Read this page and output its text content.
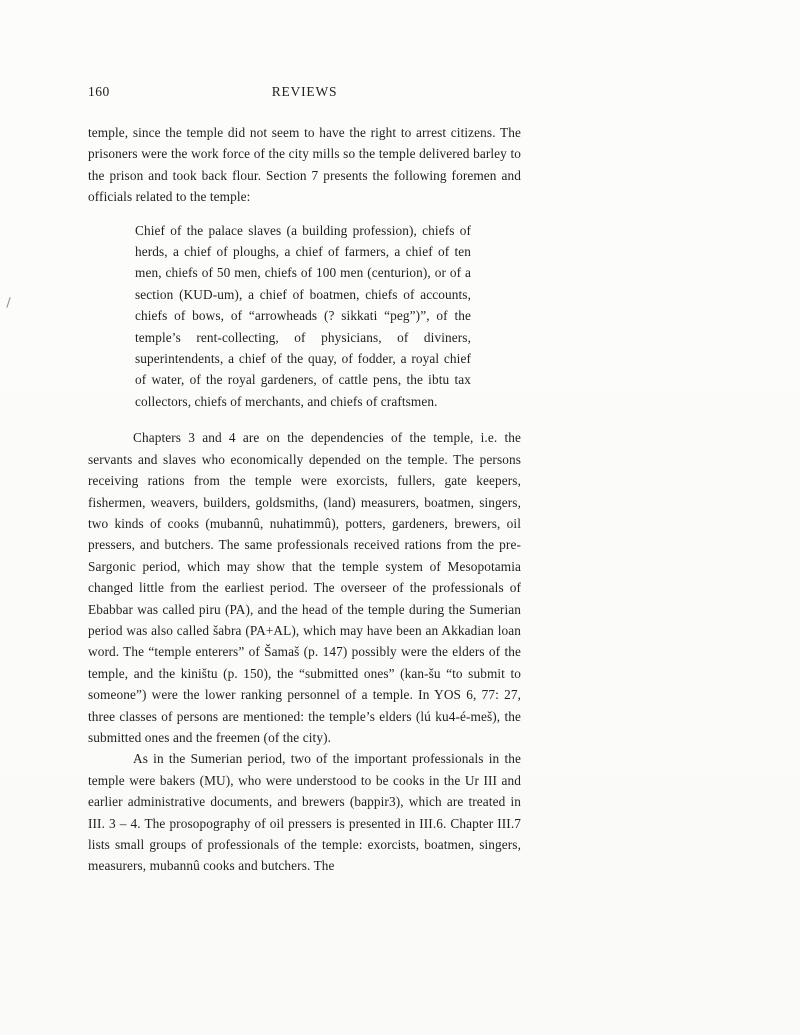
160	REVIEWS

temple, since the temple did not seem to have the right to arrest citizens. The prisoners were the work force of the city mills so the temple delivered barley to the prison and took back flour. Section 7 presents the following foremen and officials related to the temple:

Chief of the palace slaves (a building profession), chiefs of herds, a chief of ploughs, a chief of farmers, a chief of ten men, chiefs of 50 men, chiefs of 100 men (centurion), or of a section (KUD-um), a chief of boatmen, chiefs of accounts, chiefs of bows, of “arrowheads (? sikkati “peg”)”, of the temple’s rent-collecting, of physicians, of diviners, superintendents, a chief of the quay, of fodder, a royal chief of water, of the royal gardeners, of cattle pens, the ibtu tax collectors, chiefs of merchants, and chiefs of craftsmen.

Chapters 3 and 4 are on the dependencies of the temple, i.e. the servants and slaves who economically depended on the temple. The persons receiving rations from the temple were exorcists, fullers, gate keepers, fishermen, weavers, builders, goldsmiths, (land) measurers, boatmen, singers, two kinds of cooks (mubannû, nuhatimmû), potters, gardeners, brewers, oil pressers, and butchers. The same professionals received rations from the pre-Sargonic period, which may show that the temple system of Mesopotamia changed little from the earliest period. The overseer of the professionals of Ebabbar was called piru (PA), and the head of the temple during the Sumerian period was also called šabra (PA+AL), which may have been an Akkadian loan word. The “temple enterers” of Šamaš (p. 147) possibly were the elders of the temple, and the kiništu (p. 150), the “submitted ones” (kan-šu “to submit to someone”) were the lower ranking personnel of a temple. In YOS 6, 77: 27, three classes of persons are mentioned: the temple’s elders (lú ku4-é-meš), the submitted ones and the freemen (of the city).

As in the Sumerian period, two of the important professionals in the temple were bakers (MU), who were understood to be cooks in the Ur III and earlier administrative documents, and brewers (bappir3), which are treated in III. 3 – 4. The prosopography of oil pressers is presented in III.6. Chapter III.7 lists small groups of professionals of the temple: exorcists, boatmen, singers, measurers, mubannû cooks and butchers. The
